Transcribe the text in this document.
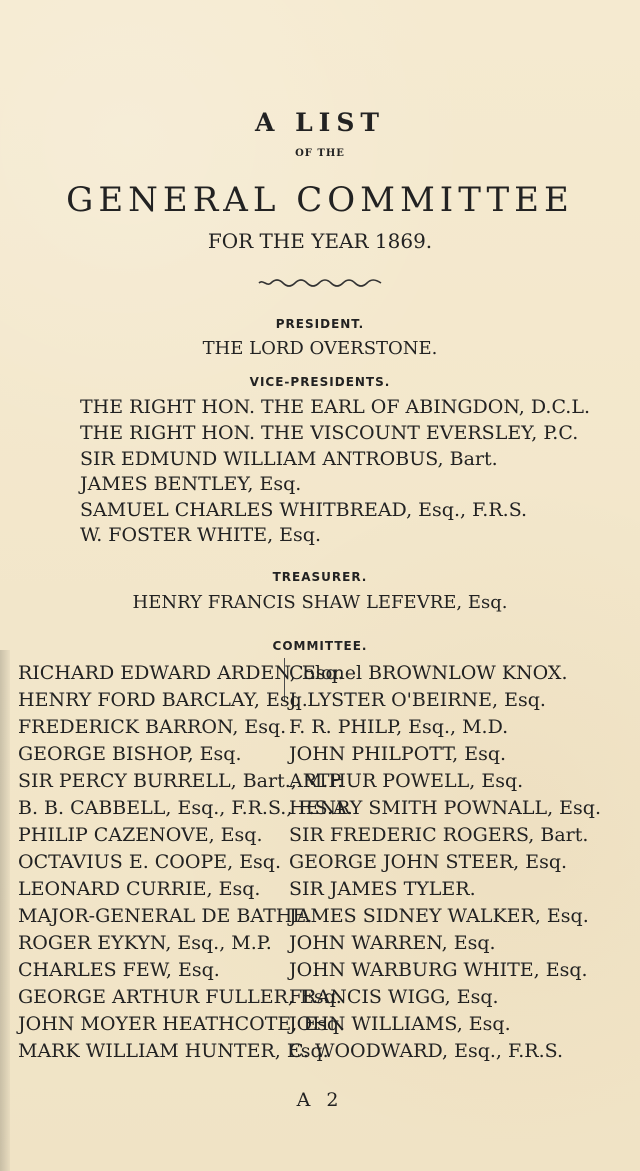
A LIST
OF THE
GENERAL COMMITTEE
FOR THE YEAR 1869.
PRESIDENT.
THE LORD OVERSTONE.
VICE-PRESIDENTS.
THE RIGHT HON. THE EARL OF ABINGDON, D.C.L.
THE RIGHT HON. THE VISCOUNT EVERSLEY, P.C.
SIR EDMUND WILLIAM ANTROBUS, Bart.
JAMES BENTLEY, Esq.
SAMUEL CHARLES WHITBREAD, Esq., F.R.S.
W. FOSTER WHITE, Esq.
TREASURER.
HENRY FRANCIS SHAW LEFEVRE, Esq.
COMMITTEE.
RICHARD EDWARD ARDEN, Esq.
HENRY FORD BARCLAY, Esq.
FREDERICK BARRON, Esq.
GEORGE BISHOP, Esq.
SIR PERCY BURRELL, Bart., M.P.
B. B. CABBELL, Esq., F.R.S., F.S.A.
PHILIP CAZENOVE, Esq.
OCTAVIUS E. COOPE, Esq.
LEONARD CURRIE, Esq.
MAJOR-GENERAL DE BATHE.
ROGER EYKYN, Esq., M.P.
CHARLES FEW, Esq.
GEORGE ARTHUR FULLER, Esq.
JOHN MOYER HEATHCOTE, Esq.
MARK WILLIAM HUNTER, Esq.
Colonel BROWNLOW KNOX.
J. LYSTER O'BEIRNE, Esq.
F. R. PHILP, Esq., M.D.
JOHN PHILPOTT, Esq.
ARTHUR POWELL, Esq.
HENRY SMITH POWNALL, Esq.
SIR FREDERIC ROGERS, Bart.
GEORGE JOHN STEER, Esq.
SIR JAMES TYLER.
JAMES SIDNEY WALKER, Esq.
JOHN WARREN, Esq.
JOHN WARBURG WHITE, Esq.
FRANCIS WIGG, Esq.
JOHN WILLIAMS, Esq.
C. WOODWARD, Esq., F.R.S.
A 2
